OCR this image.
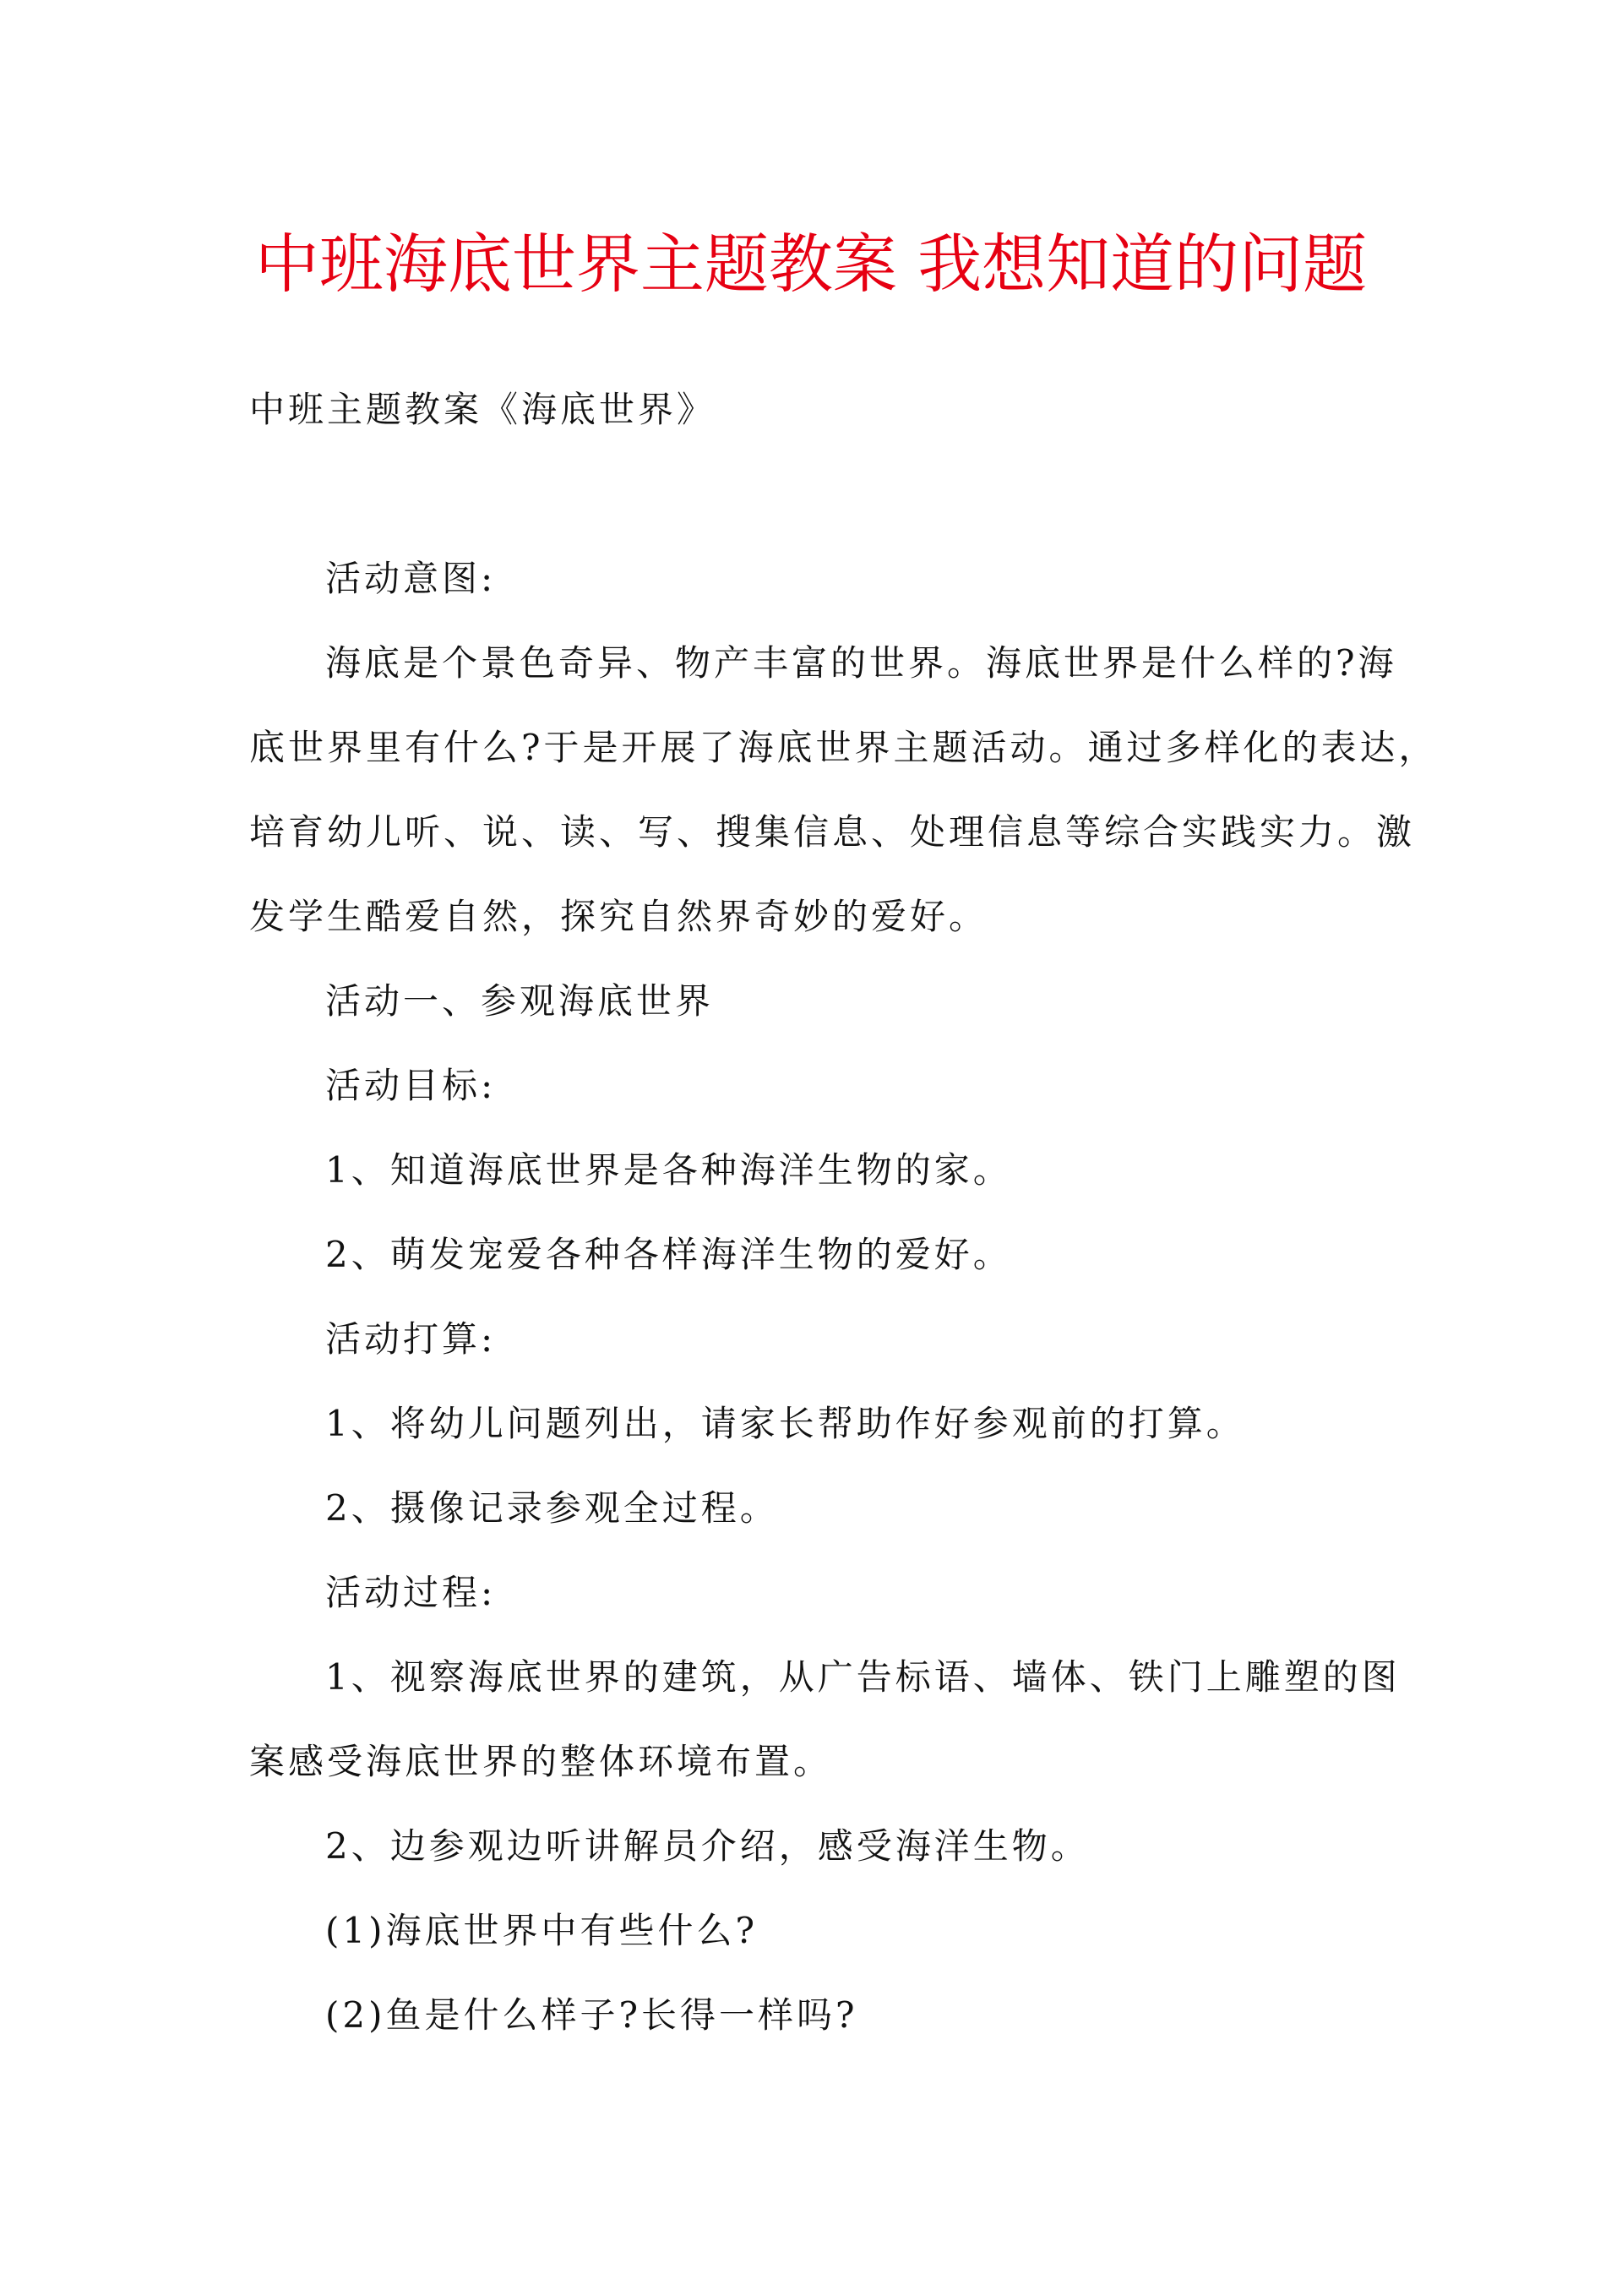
中班海底世界主题教案 我想知道的问题
中班主题教案《海底世界》
活动意图:
海底是个景色奇异、物产丰富的世界。海底世界是什么样的?海
底世界里有什么?于是开展了海底世界主题活动。通过多样化的表达，
培育幼儿听、说、读、写、搜集信息、处理信息等综合实践实力。激
发学生酷爱自然，探究自然界奇妙的爱好。
活动一、参观海底世界
活动目标:
1、知道海底世界是各种海洋生物的家。
2、萌发宠爱各种各样海洋生物的爱好。
活动打算:
1、将幼儿问题列出，请家长帮助作好参观前的打算。
2、摄像记录参观全过程。
活动过程:
1、视察海底世界的建筑，从广告标语、墙体、铁门上雕塑的图
案感受海底世界的整体环境布置。
2、边参观边听讲解员介绍，感受海洋生物。
(1)海底世界中有些什么?
(2)鱼是什么样子?长得一样吗?
